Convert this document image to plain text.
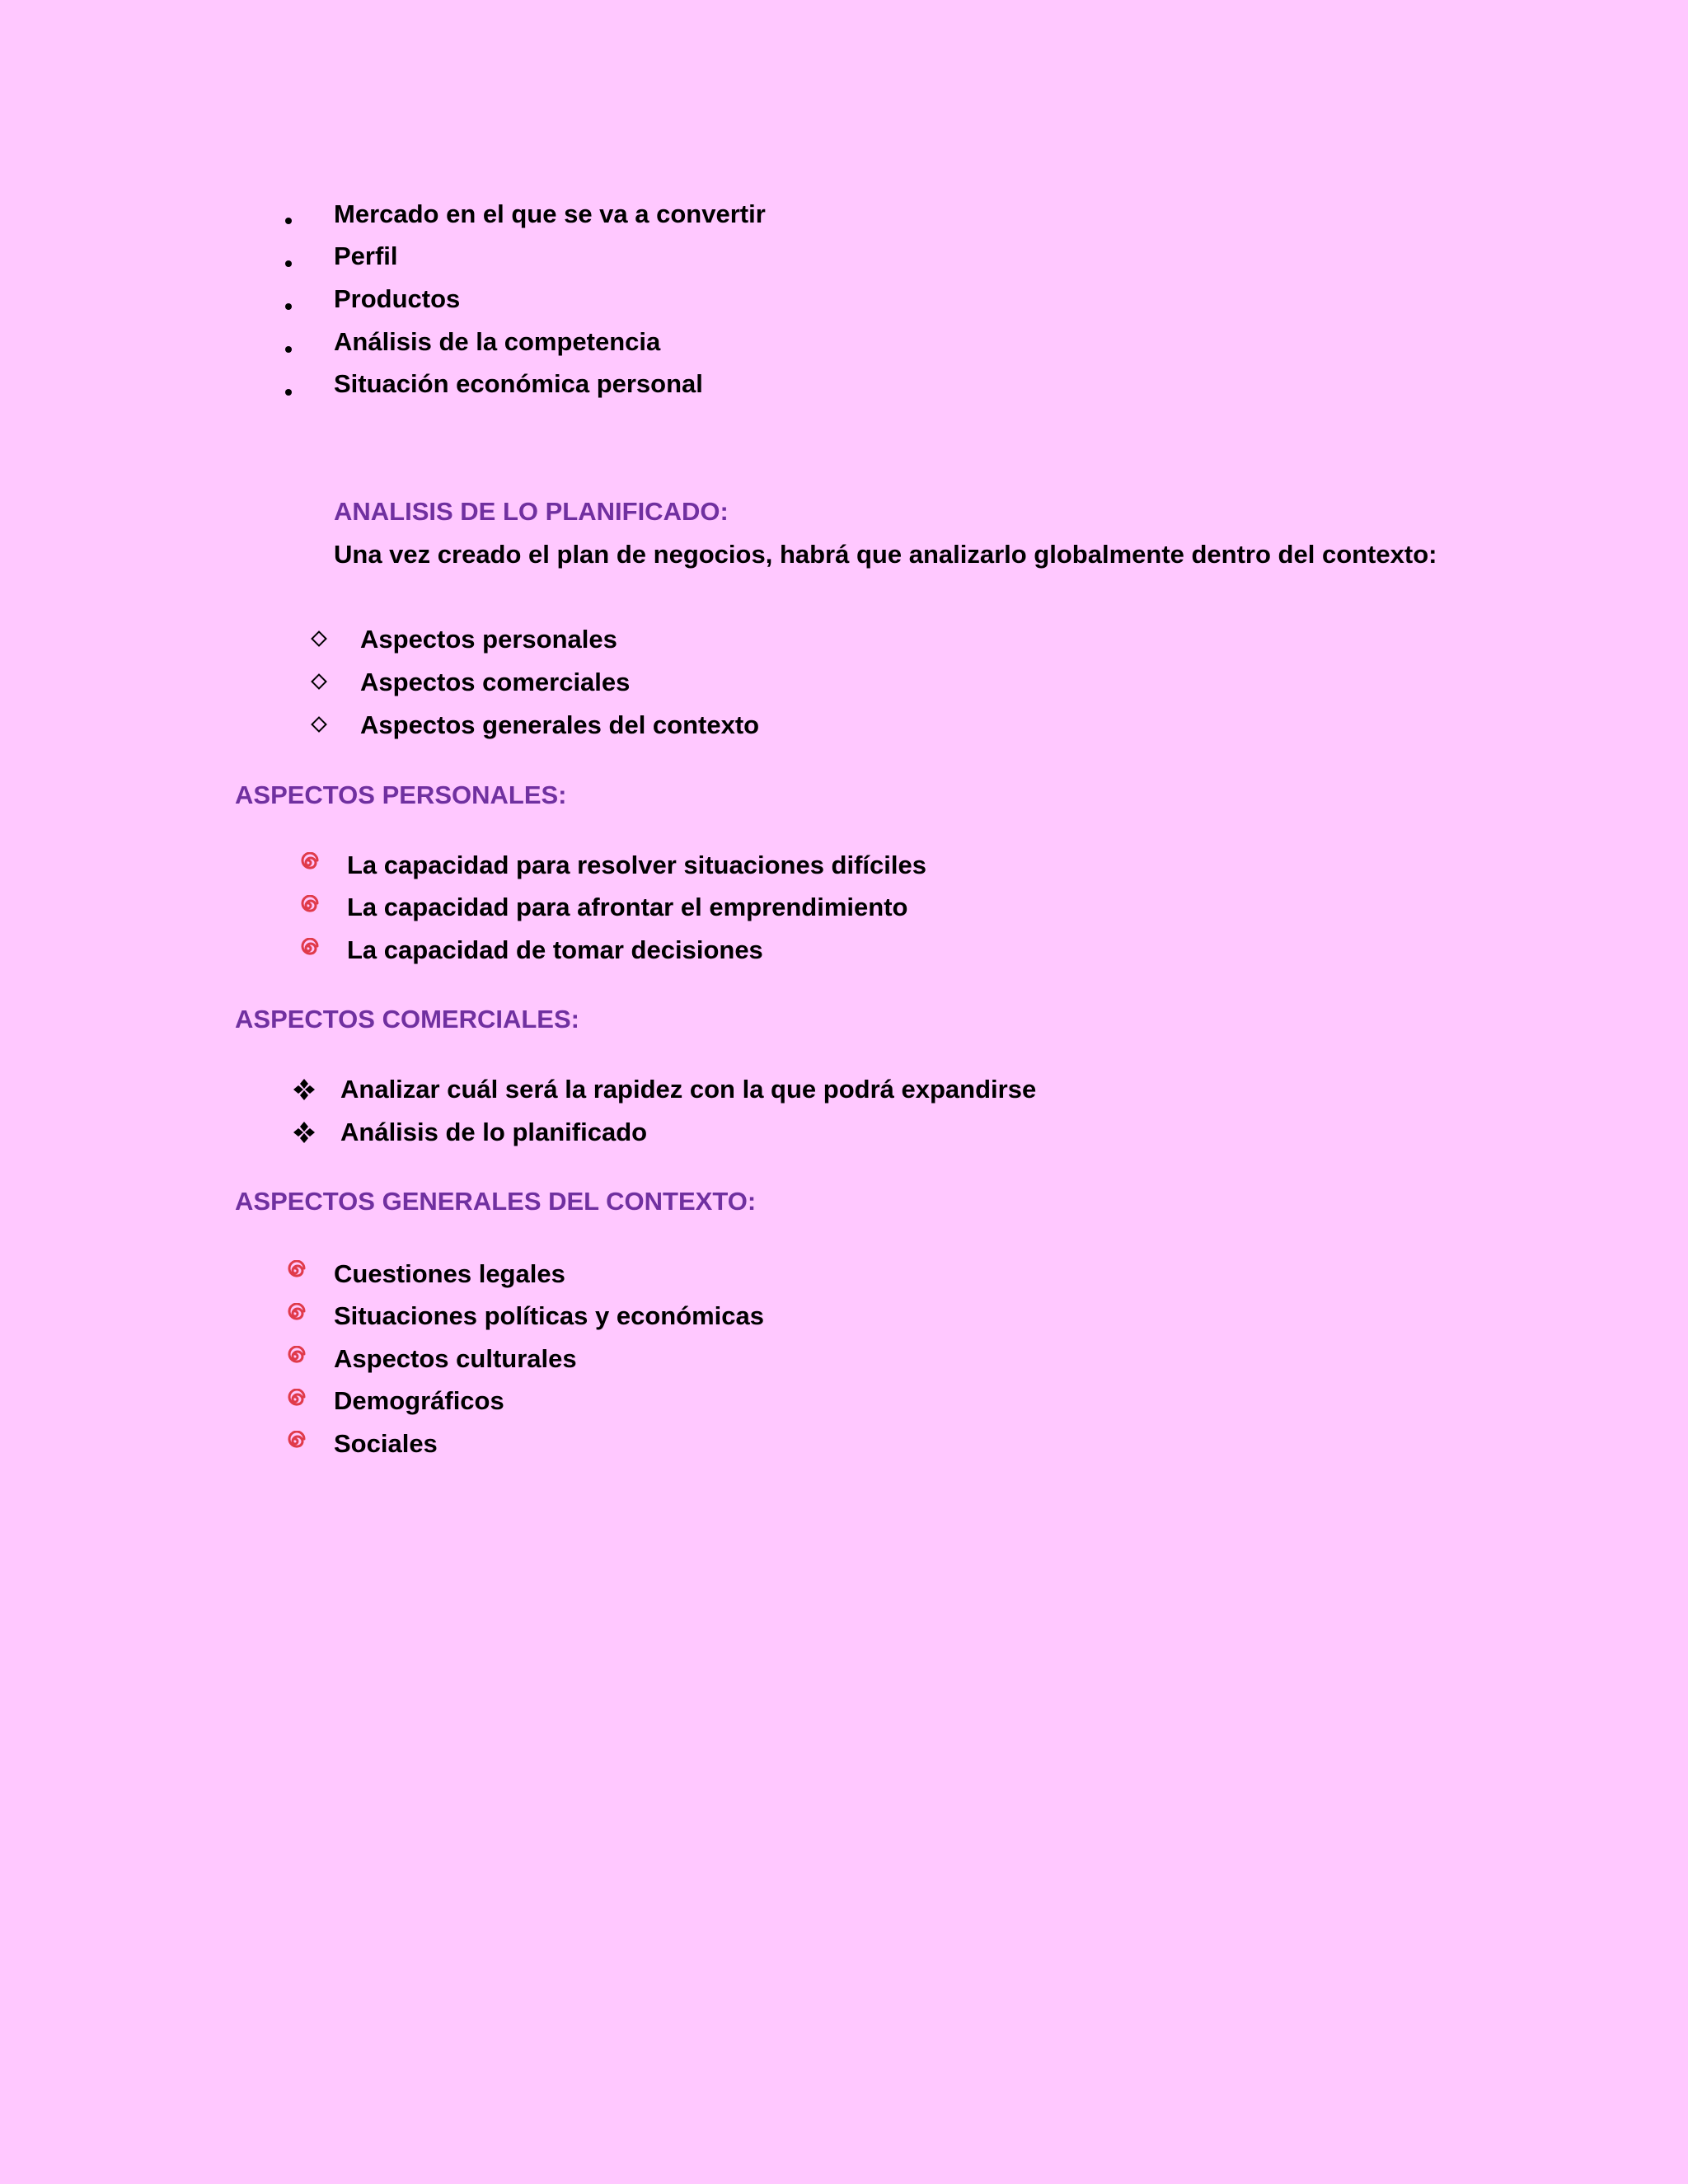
Mercado en el que se va a convertir
Perfil
Productos
Análisis de la competencia
Situación económica personal
ANALISIS DE LO PLANIFICADO:
Una vez creado el plan de negocios, habrá que analizarlo globalmente dentro del contexto:
Aspectos personales
Aspectos comerciales
Aspectos generales del contexto
ASPECTOS PERSONALES:
La capacidad para resolver situaciones difíciles
La capacidad para afrontar el emprendimiento
La capacidad de tomar decisiones
ASPECTOS COMERCIALES:
Analizar cuál será la rapidez con la que podrá expandirse
Análisis de lo planificado
ASPECTOS GENERALES DEL CONTEXTO:
Cuestiones legales
Situaciones políticas y económicas
Aspectos culturales
Demográficos
Sociales
